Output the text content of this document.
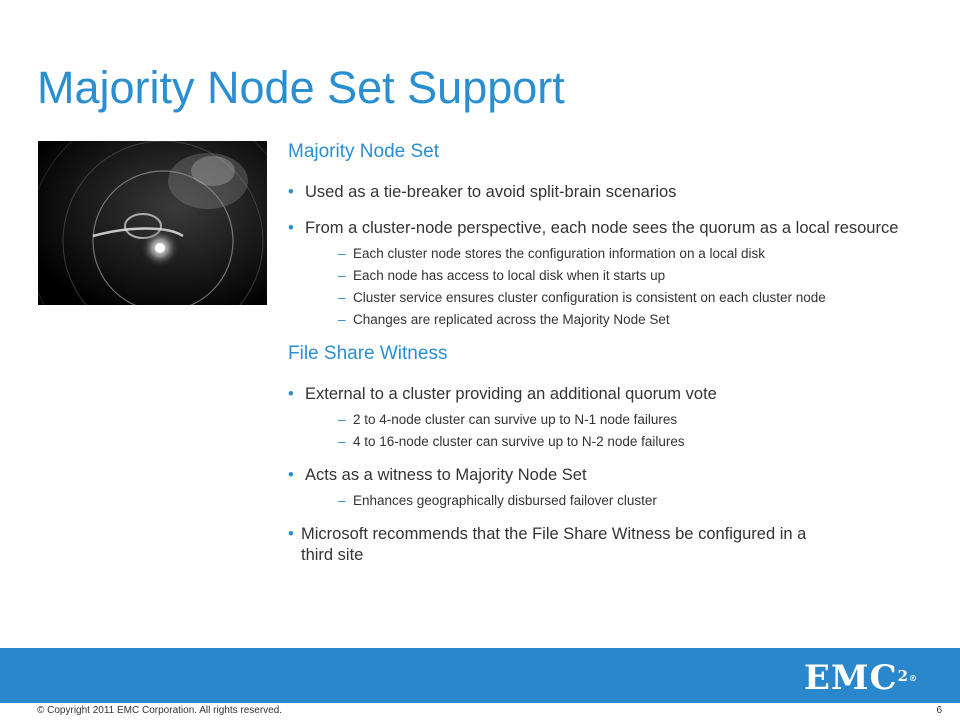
Majority Node Set Support
Majority Node Set
• Used as a tie-breaker to avoid split-brain scenarios
• From a cluster-node perspective, each node sees the quorum as a local resource
– Each cluster node stores the configuration information on a local disk
– Each node has access to local disk when it starts up
– Cluster service ensures cluster configuration is consistent on each cluster node
– Changes are replicated across the Majority Node Set
File Share Witness
• External to a cluster providing an additional quorum vote
– 2 to 4-node cluster can survive up to N-1 node failures
– 4 to 16-node cluster can survive up to N-2 node failures
• Acts as a witness to Majority Node Set
– Enhances geographically disbursed failover cluster
• Microsoft recommends that the File Share Witness be configured in a third site
EMC$^2$®
© Copyright 2011 EMC Corporation. All rights reserved.	6
